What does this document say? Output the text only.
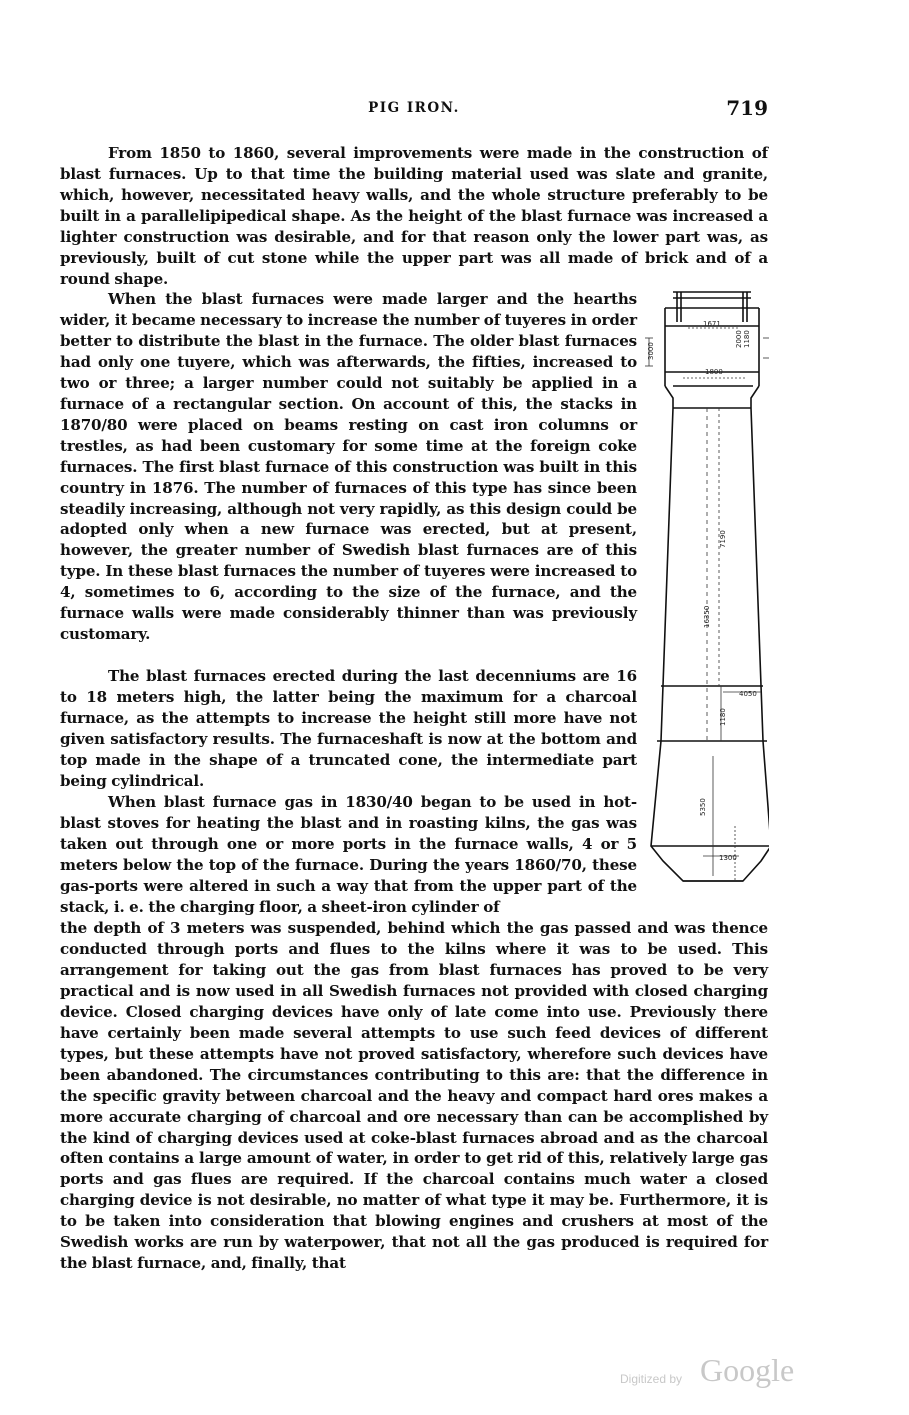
PIG IRON.	719

From 1850 to 1860, several improvements were made in the construction of blast furnaces. Up to that time the building material used was slate and granite, which, however, necessitated heavy walls, and the whole structure preferably to be built in a parallelipipedical shape. As the height of the blast furnace was increased a lighter construction was desirable, and for that reason only the lower part was, as previously, built of cut stone while the upper part was all made of brick and of a round shape.

When the blast furnaces were made larger and the hearths wider, it became necessary to increase the number of tuyeres in order better to distribute the blast in the furnace. The older blast furnaces had only one tuyere, which was afterwards, the fifties, increased to two or three; a larger number could not suitably be applied in a furnace of a rectangular section. On account of this, the stacks in 1870/80 were placed on beams resting on cast iron columns or trestles, as had been customary for some time at the foreign coke furnaces. The first blast furnace of this construction was built in this country in 1876. The number of furnaces of this type has since been steadily increasing, although not very rapidly, as this design could be adopted only when a new furnace was erected, but at present, however, the greater number of Swedish blast furnaces are of this type. In these blast furnaces the number of tuyeres were increased to 4, sometimes to 6, according to the size of the furnace, and the furnace walls were made considerably thinner than was previously customary.

The blast furnaces erected during the last decenniums are 16 to 18 meters high, the latter being the maximum for a charcoal furnace, as the attempts to increase the height still more have not given satisfactory results. The furnaceshaft is now at the bottom and top made in the shape of a truncated cone, the intermediate part being cylindrical.

When blast furnace gas in 1830/40 began to be used in hot-blast stoves for heating the blast and in roasting kilns, the gas was taken out through one or more ports in the furnace walls, 4 or 5 meters below the top of the furnace. During the years 1860/70, these gas-ports were altered in such a way that from the upper part of the stack, i. e. the charging floor, a sheet-iron cylinder of

the depth of 3 meters was suspended, behind which the gas passed and was thence conducted through ports and flues to the kilns where it was to be used. This arrangement for taking out the gas from blast furnaces has proved to be very practical and is now used in all Swedish furnaces not provided with closed charging device. Closed charging devices have only of late come into use. Previously there have certainly been made several attempts to use such feed devices of different types, but these attempts have not proved satisfactory, wherefore such devices have been abandoned. The circumstances contributing to this are: that the difference in the specific gravity between charcoal and the heavy and compact hard ores makes a more accurate charging of charcoal and ore necessary than can be accomplished by the kind of charging devices used at coke-blast furnaces abroad and as the charcoal often contains a large amount of water, in order to get rid of this, relatively large gas ports and gas flues are required. If the charcoal contains much water a closed charging device is not desirable, no matter of what type it may be. Furthermore, it is to be taken into consideration that blowing engines and crushers at most of the Swedish works are run by waterpower, that not all the gas produced is required for the blast furnace, and, finally, that

1671
1800
4050
1300
2000 1180
3000
7190
16350
1180
5350
Digitized by Google
